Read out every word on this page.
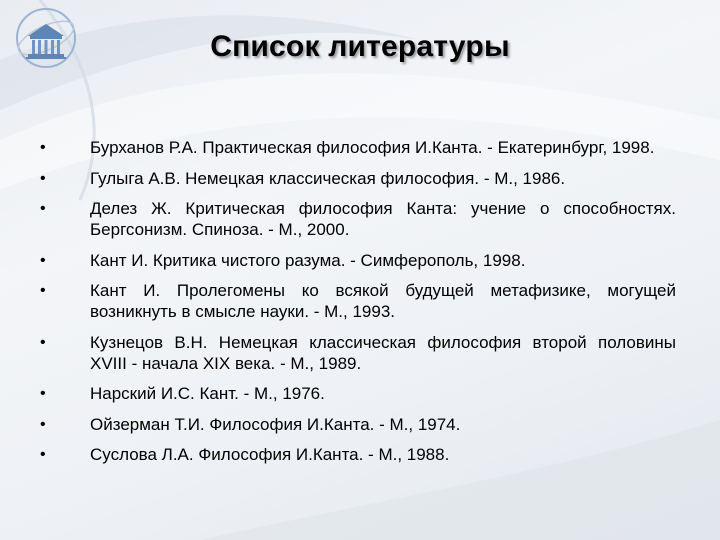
Список литературы
•	Бурханов Р.А. Практическая философия И.Канта. - Екатеринбург, 1998.
•	Гулыга А.В. Немецкая классическая философия. - М., 1986.
•	Делез Ж. Критическая философия Канта: учение о способностях. Бергсонизм. Спиноза. - М., 2000.
•	Кант И. Критика чистого разума. - Симферополь, 1998.
•	Кант И. Пролегомены ко всякой будущей метафизике, могущей возникнуть в смысле науки. - М., 1993.
•	Кузнецов В.Н. Немецкая классическая философия второй половины XVIII - начала XIX века. - М., 1989.
•	Нарский И.С. Кант. - М., 1976.
•	Ойзерман Т.И. Философия И.Канта. - М., 1974.
•	Суслова Л.А. Философия И.Канта. - М., 1988.
